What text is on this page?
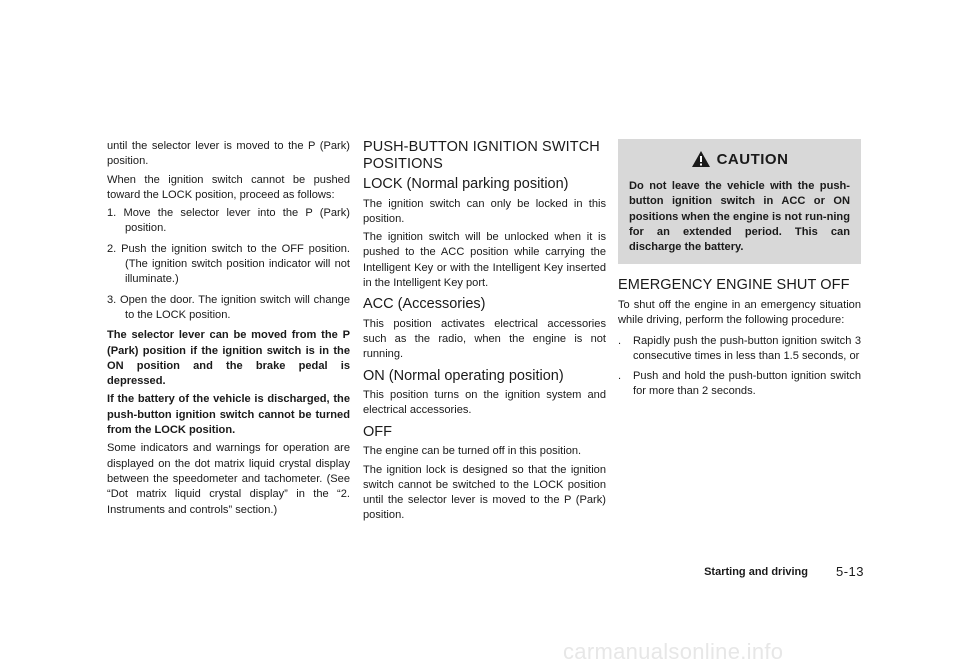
until the selector lever is moved to the P (Park) position.

When the ignition switch cannot be pushed toward the LOCK position, proceed as follows:

1. Move the selector lever into the P (Park) position.
2. Push the ignition switch to the OFF position. (The ignition switch position indicator will not illuminate.)
3. Open the door. The ignition switch will change to the LOCK position.

The selector lever can be moved from the P (Park) position if the ignition switch is in the ON position and the brake pedal is depressed.

If the battery of the vehicle is discharged, the push-button ignition switch cannot be turned from the LOCK position.

Some indicators and warnings for operation are displayed on the dot matrix liquid crystal display between the speedometer and tachometer. (See “Dot matrix liquid crystal display” in the “2. Instruments and controls” section.)

PUSH-BUTTON IGNITION SWITCH POSITIONS
LOCK (Normal parking position)

The ignition switch can only be locked in this position.

The ignition switch will be unlocked when it is pushed to the ACC position while carrying the Intelligent Key or with the Intelligent Key inserted in the Intelligent Key port.

ACC (Accessories)

This position activates electrical accessories such as the radio, when the engine is not running.

ON (Normal operating position)

This position turns on the ignition system and electrical accessories.

OFF

The engine can be turned off in this position.

The ignition lock is designed so that the ignition switch cannot be switched to the LOCK position until the selector lever is moved to the P (Park) position.

CAUTION

Do not leave the vehicle with the push-button ignition switch in ACC or ON positions when the engine is not run-ning for an extended period. This can discharge the battery.

EMERGENCY ENGINE SHUT OFF

To shut off the engine in an emergency situation while driving, perform the following procedure:

. Rapidly push the push-button ignition switch 3 consecutive times in less than 1.5 seconds, or
. Push and hold the push-button ignition switch for more than 2 seconds.
Starting and driving 5-13
carmanualsonline.info
